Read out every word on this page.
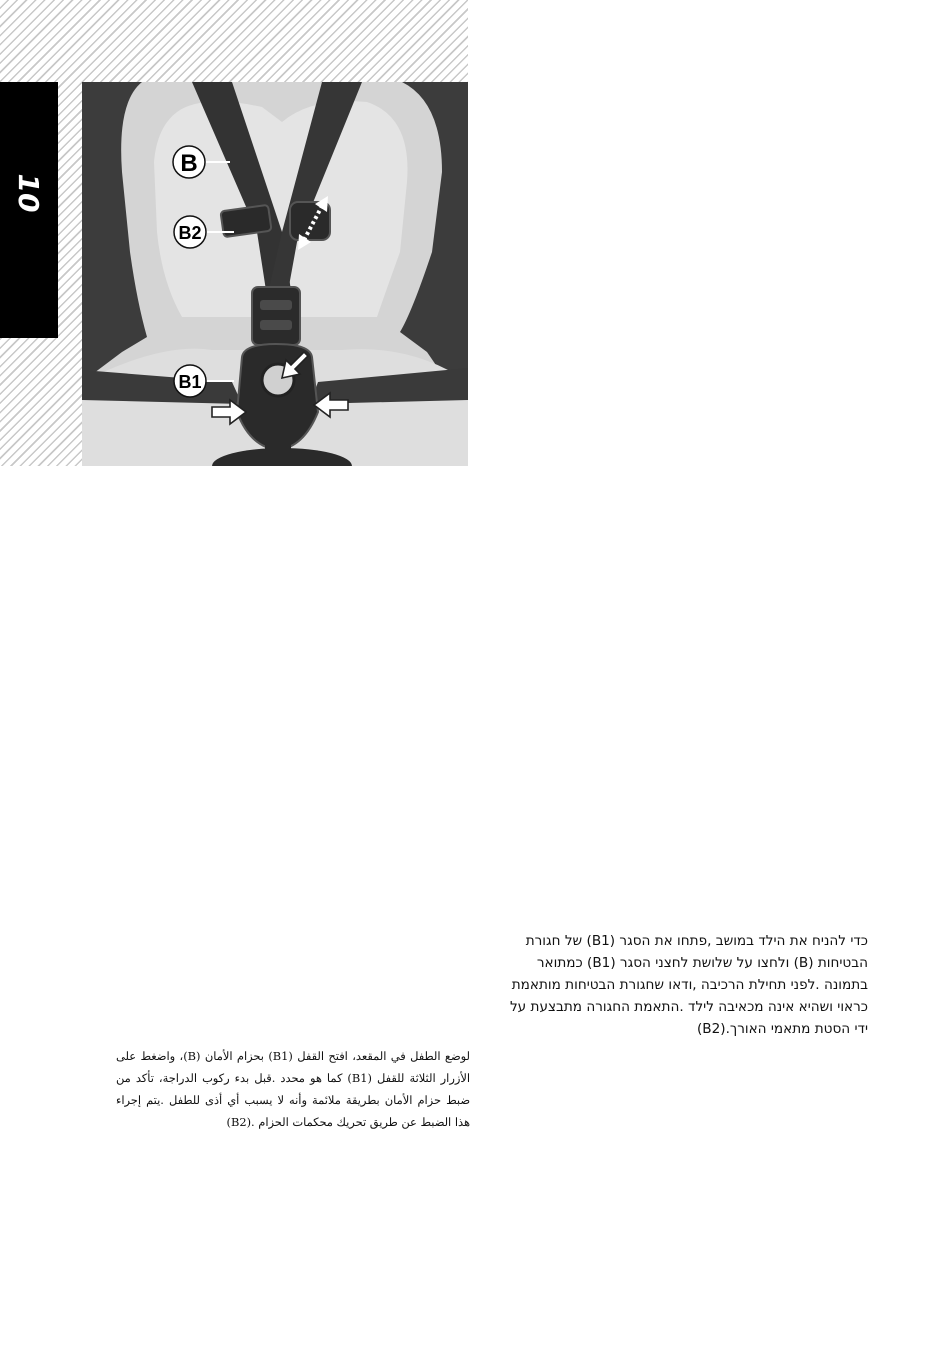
10
B
B2
B1
כדי להניח את הילד במושב ,פתחו את הסגר (B1) של חגורת הבטיחות (B) ולחצו על שלושת לחצני הסגר (B1) כמתואר בתמונה .לפני תחילת הרכיבה ,ודאו שחגורת הבטיחות מותאמת כראוי ושהיא אינה מכאיבה לילד .התאמת החגורה מתבצעת על ידי הסטת מתאמי האורך.(B2)
لوضع الطفل في المقعد، افتح القفل (B1) بحزام الأمان (B)، واضغط على الأزرار الثلاثة للقفل (B1) كما هو محدد .قبل بدء ركوب الدراجة، تأكد من ضبط حزام الأمان بطريقة ملائمة وأنه لا يسبب أي أذى للطفل .يتم إجراء هذا الضبط عن طريق تحريك محكمات الحزام .(B2)
